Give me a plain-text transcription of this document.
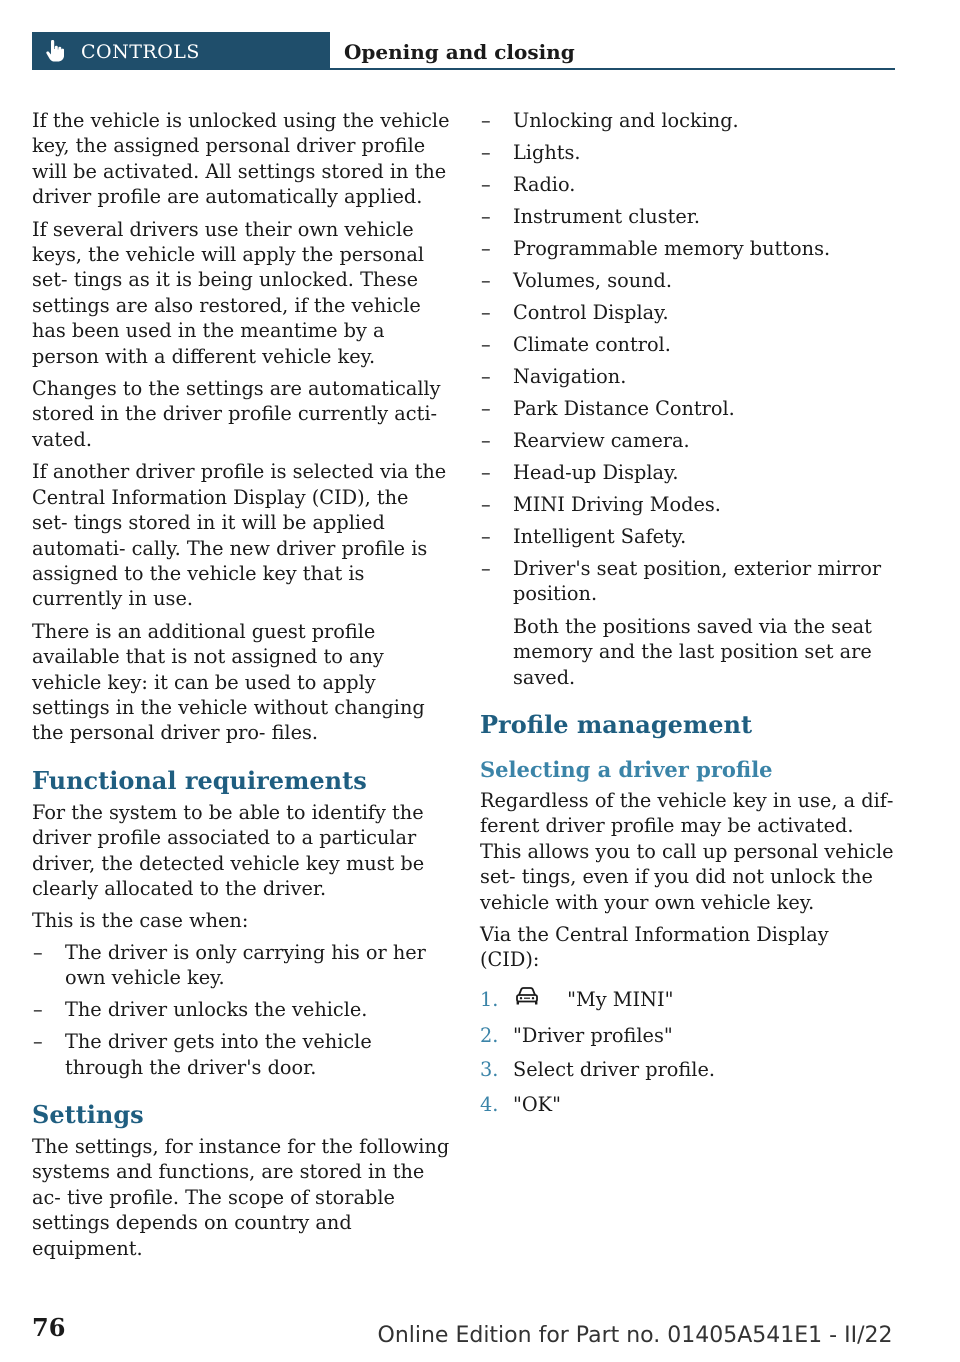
CONTROLS	Opening and closing

If the vehicle is unlocked using the vehicle key, the assigned personal driver profile will be activated. All settings stored in the driver profile are automatically applied.

If several drivers use their own vehicle keys, the vehicle will apply the personal set‐ tings as it is being unlocked. These settings are also restored, if the vehicle has been used in the meantime by a person with a different vehicle key.

Changes to the settings are automatically stored in the driver profile currently acti‐ vated.

If another driver profile is selected via the Central Information Display (CID), the set‐ tings stored in it will be applied automati‐ cally. The new driver profile is assigned to the vehicle key that is currently in use.

There is an additional guest profile available that is not assigned to any vehicle key: it can be used to apply settings in the vehicle without changing the personal driver pro‐ files.

Functional requirements

For the system to be able to identify the driver profile associated to a particular driver, the detected vehicle key must be clearly allocated to the driver.

This is the case when:

– The driver is only carrying his or her own vehicle key.
– The driver unlocks the vehicle.
– The driver gets into the vehicle through the driver's door.
Settings

The settings, for instance for the following systems and functions, are stored in the ac‐ tive profile. The scope of storable settings depends on country and equipment.

– Unlocking and locking.
– Lights.
– Radio.
– Instrument cluster.
– Programmable memory buttons.
– Volumes, sound.
– Control Display.
– Climate control.
– Navigation.
– Park Distance Control.
– Rearview camera.
– Head-up Display.
– MINI Driving Modes.
– Intelligent Safety.
– Driver's seat position, exterior mirror position.
Both the positions saved via the seat memory and the last position set are saved.
Profile management
Selecting a driver profile

Regardless of the vehicle key in use, a dif‐ ferent driver profile may be activated. This allows you to call up personal vehicle set‐ tings, even if you did not unlock the vehicle with your own vehicle key.

Via the Central Information Display (CID):

1.	"My MINI"
2. "Driver profiles"
3. Select driver profile.
4. "OK"
76	Online Edition for Part no. 01405A541E1 - II/22
